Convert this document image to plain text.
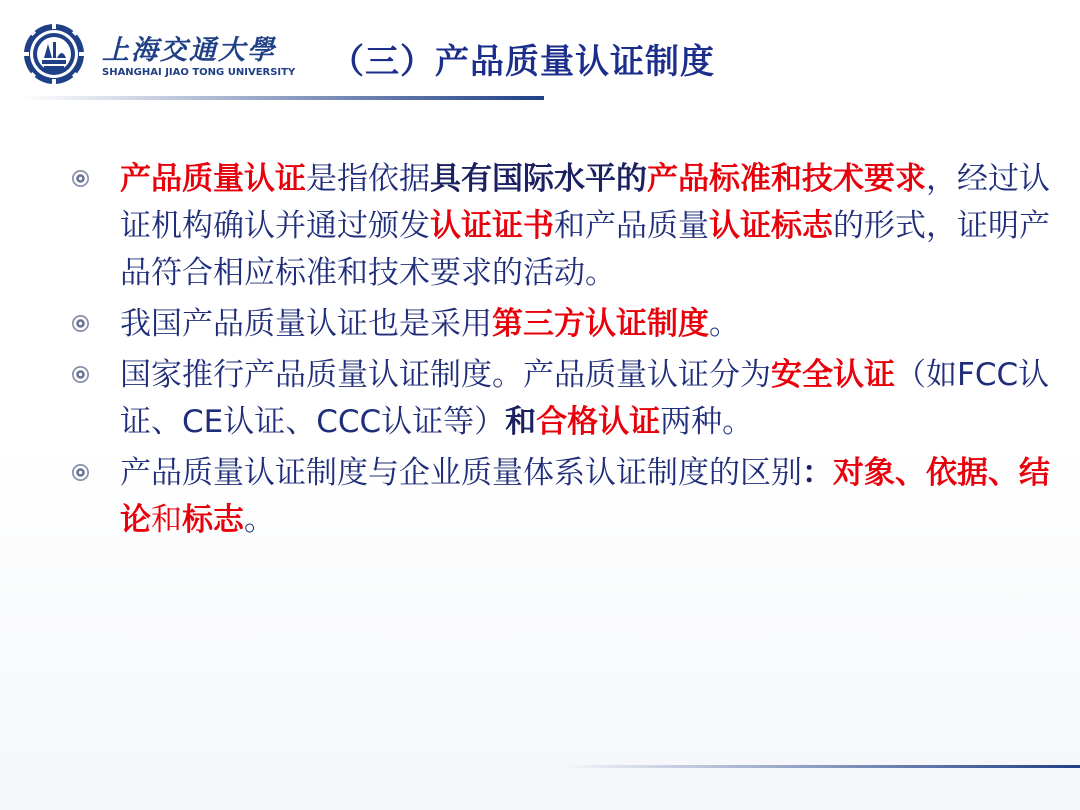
上海交通大學
SHANGHAI JIAO TONG UNIVERSITY （三）产品质量认证制度
产品质量认证是指依据具有国际水平的产品标准和技术要求，经过认证机构确认并通过颁发认证证书和产品质量认证标志的形式，证明产品符合相应标准和技术要求的活动。
我国产品质量认证也是采用第三方认证制度。
国家推行产品质量认证制度。产品质量认证分为安全认证（如FCC认证、CE认证、CCC认证等）和合格认证两种。
产品质量认证制度与企业质量体系认证制度的区别：对象、依据、结论和标志。
